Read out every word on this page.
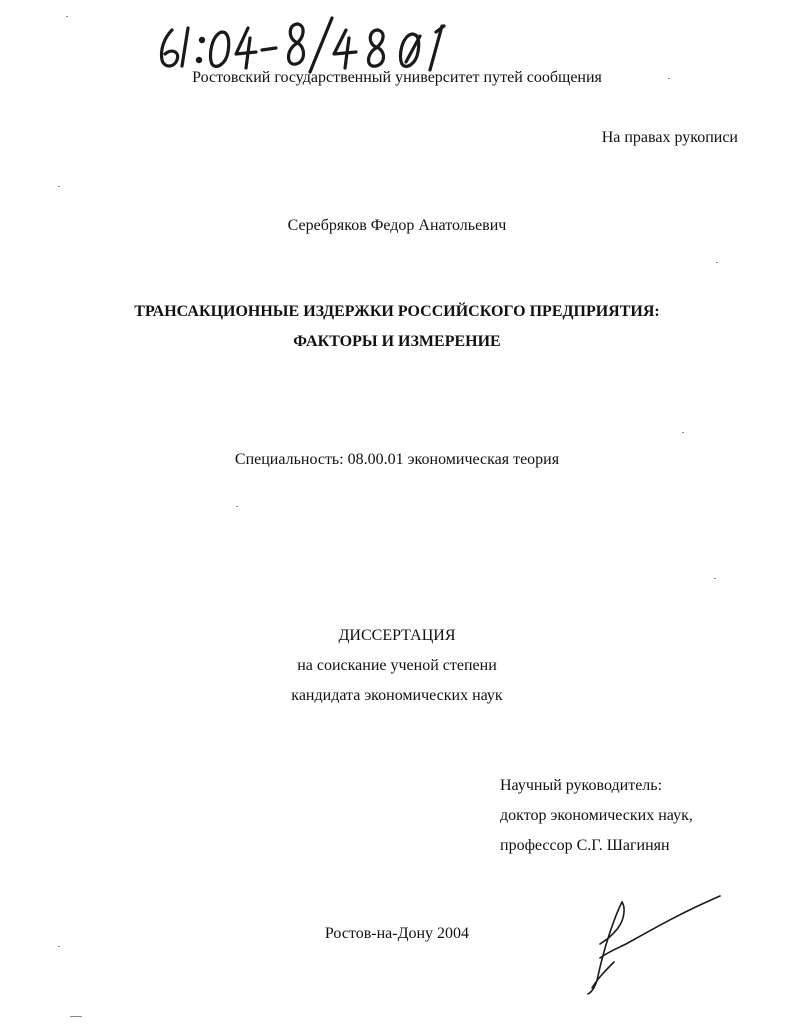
Ростовский государственный университет путей сообщения
На правах рукописи
Серебряков Федор Анатольевич
ТРАНСАКЦИОННЫЕ ИЗДЕРЖКИ РОССИЙСКОГО ПРЕДПРИЯТИЯ:
ФАКТОРЫ И ИЗМЕРЕНИЕ
Специальность: 08.00.01 экономическая теория
ДИССЕРТАЦИЯ
на соискание ученой степени
кандидата экономических наук
Научный руководитель:
доктор экономических наук,
профессор С.Г. Шагинян
Ростов-на-Дону 2004
